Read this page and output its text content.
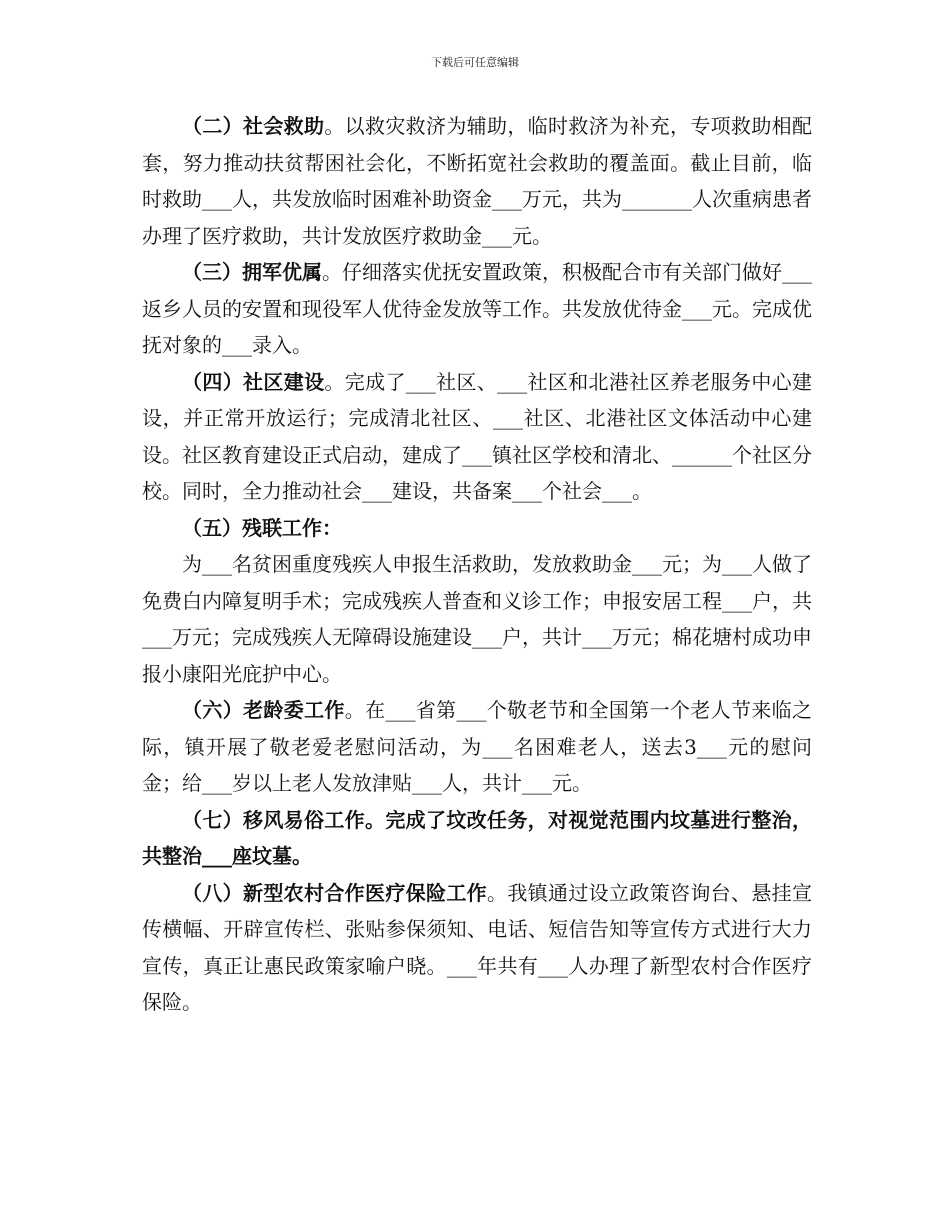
下载后可任意编辑

（二）社会救助。以救灾救济为辅助，临时救济为补充，专项救助相配套，努力推动扶贫帮困社会化，不断拓宽社会救助的覆盖面。截止目前，临时救助___人，共发放临时困难补助资金___万元，共为_______人次重病患者办理了医疗救助，共计发放医疗救助金___元。

（三）拥军优属。仔细落实优抚安置政策，积极配合市有关部门做好___返乡人员的安置和现役军人优待金发放等工作。共发放优待金___元。完成优抚对象的___录入。

（四）社区建设。完成了___社区、___社区和北港社区养老服务中心建设，并正常开放运行；完成清北社区、___社区、北港社区文体活动中心建设。社区教育建设正式启动，建成了___镇社区学校和清北、______个社区分校。同时，全力推动社会___建设，共备案___个社会___。

（五）残联工作：

为___名贫困重度残疾人申报生活救助，发放救助金___元；为___人做了免费白内障复明手术；完成残疾人普查和义诊工作；申报安居工程___户，共___万元；完成残疾人无障碍设施建设___户，共计___万元；棉花塘村成功申报小康阳光庇护中心。

（六）老龄委工作。在___省第___个敬老节和全国第一个老人节来临之际，镇开展了敬老爱老慰问活动，为___名困难老人，送去3___元的慰问金；给___岁以上老人发放津贴___人，共计___元。

（七）移风易俗工作。完成了坟改任务，对视觉范围内坟墓进行整治，共整治___座坟墓。

（八）新型农村合作医疗保险工作。我镇通过设立政策咨询台、悬挂宣传横幅、开辟宣传栏、张贴参保须知、电话、短信告知等宣传方式进行大力宣传，真正让惠民政策家喻户晓。___年共有___人办理了新型农村合作医疗保险。
